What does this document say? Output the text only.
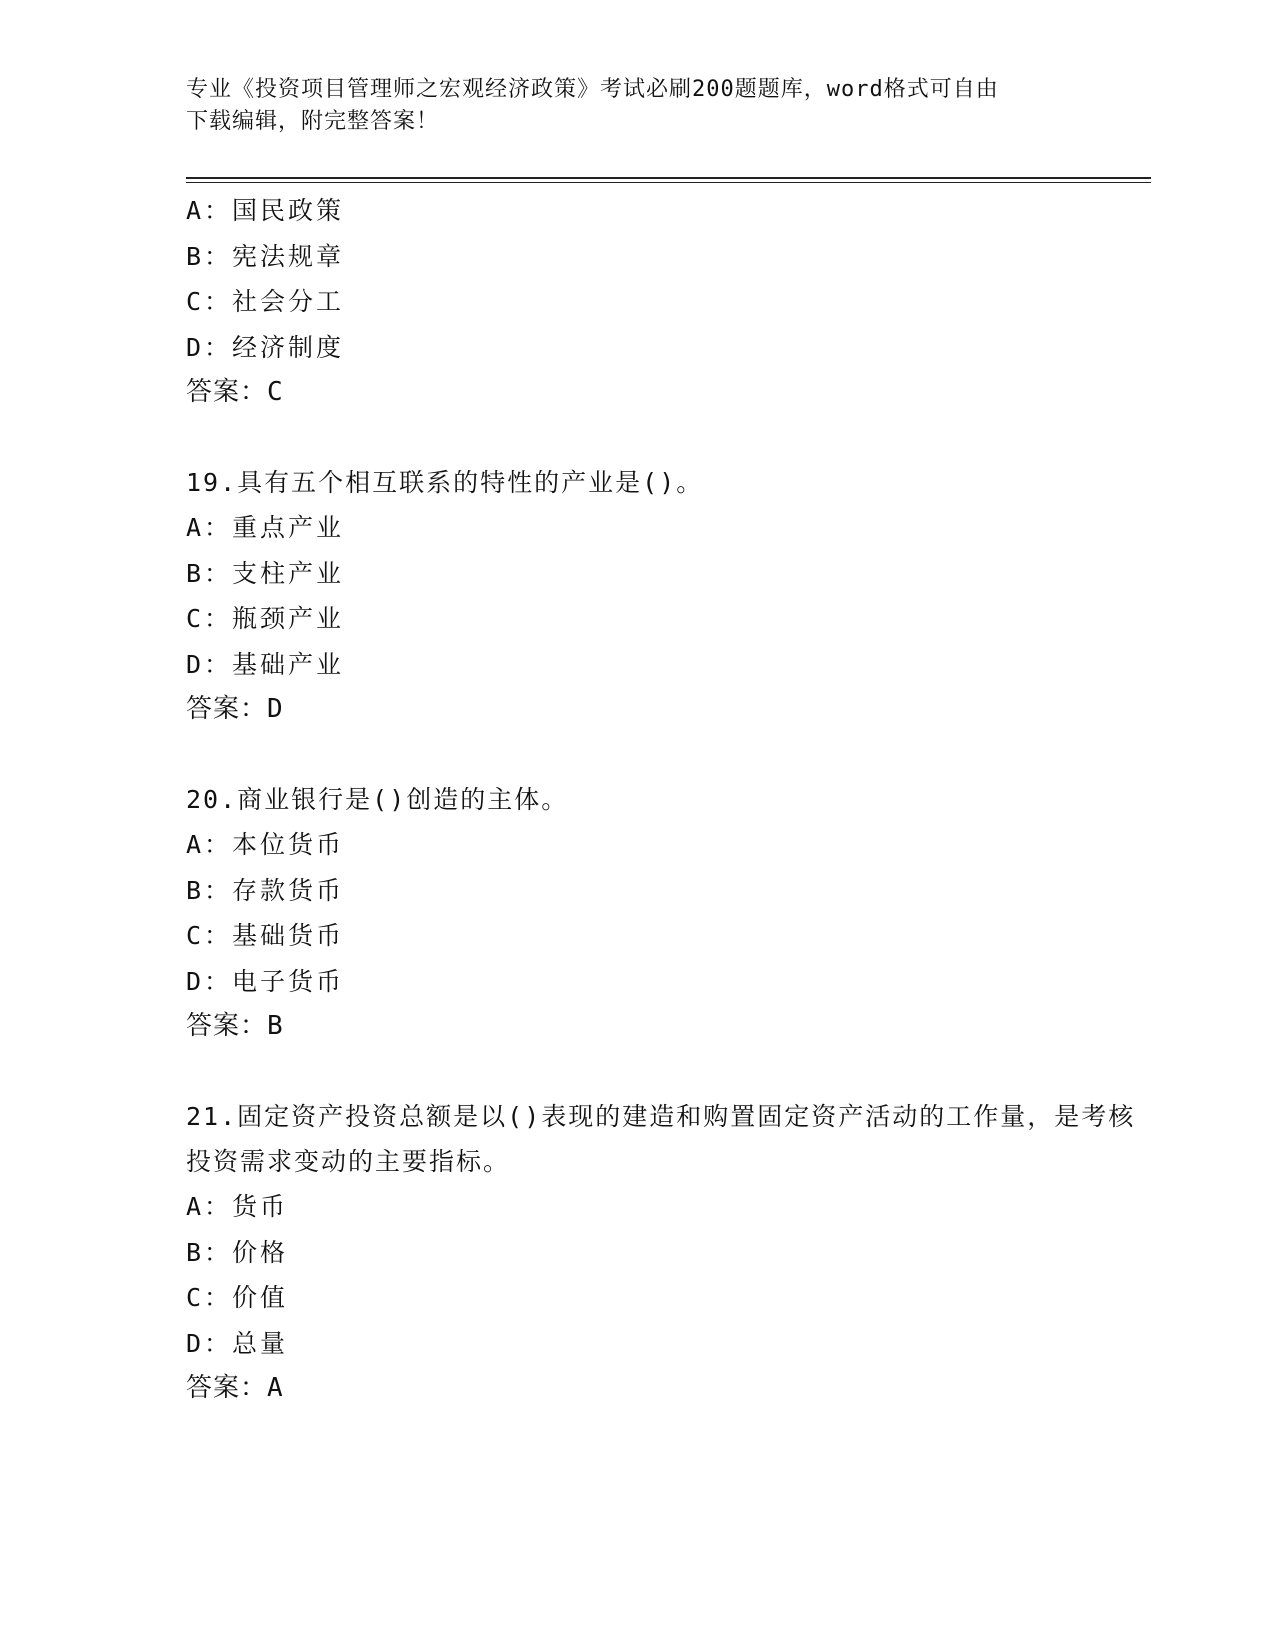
专业《投资项目管理师之宏观经济政策》考试必刷200题题库，word格式可自由
下载编辑，附完整答案！

A：国民政策

B：宪法规章

C：社会分工

D：经济制度

答案：C

19.具有五个相互联系的特性的产业是()。

A：重点产业

B：支柱产业

C：瓶颈产业

D：基础产业

答案：D

20.商业银行是()创造的主体。

A：本位货币

B：存款货币

C：基础货币

D：电子货币

答案：B

21.固定资产投资总额是以()表现的建造和购置固定资产活动的工作量，是考核投资需求变动的主要指标。

A：货币

B：价格

C：价值

D：总量

答案：A
